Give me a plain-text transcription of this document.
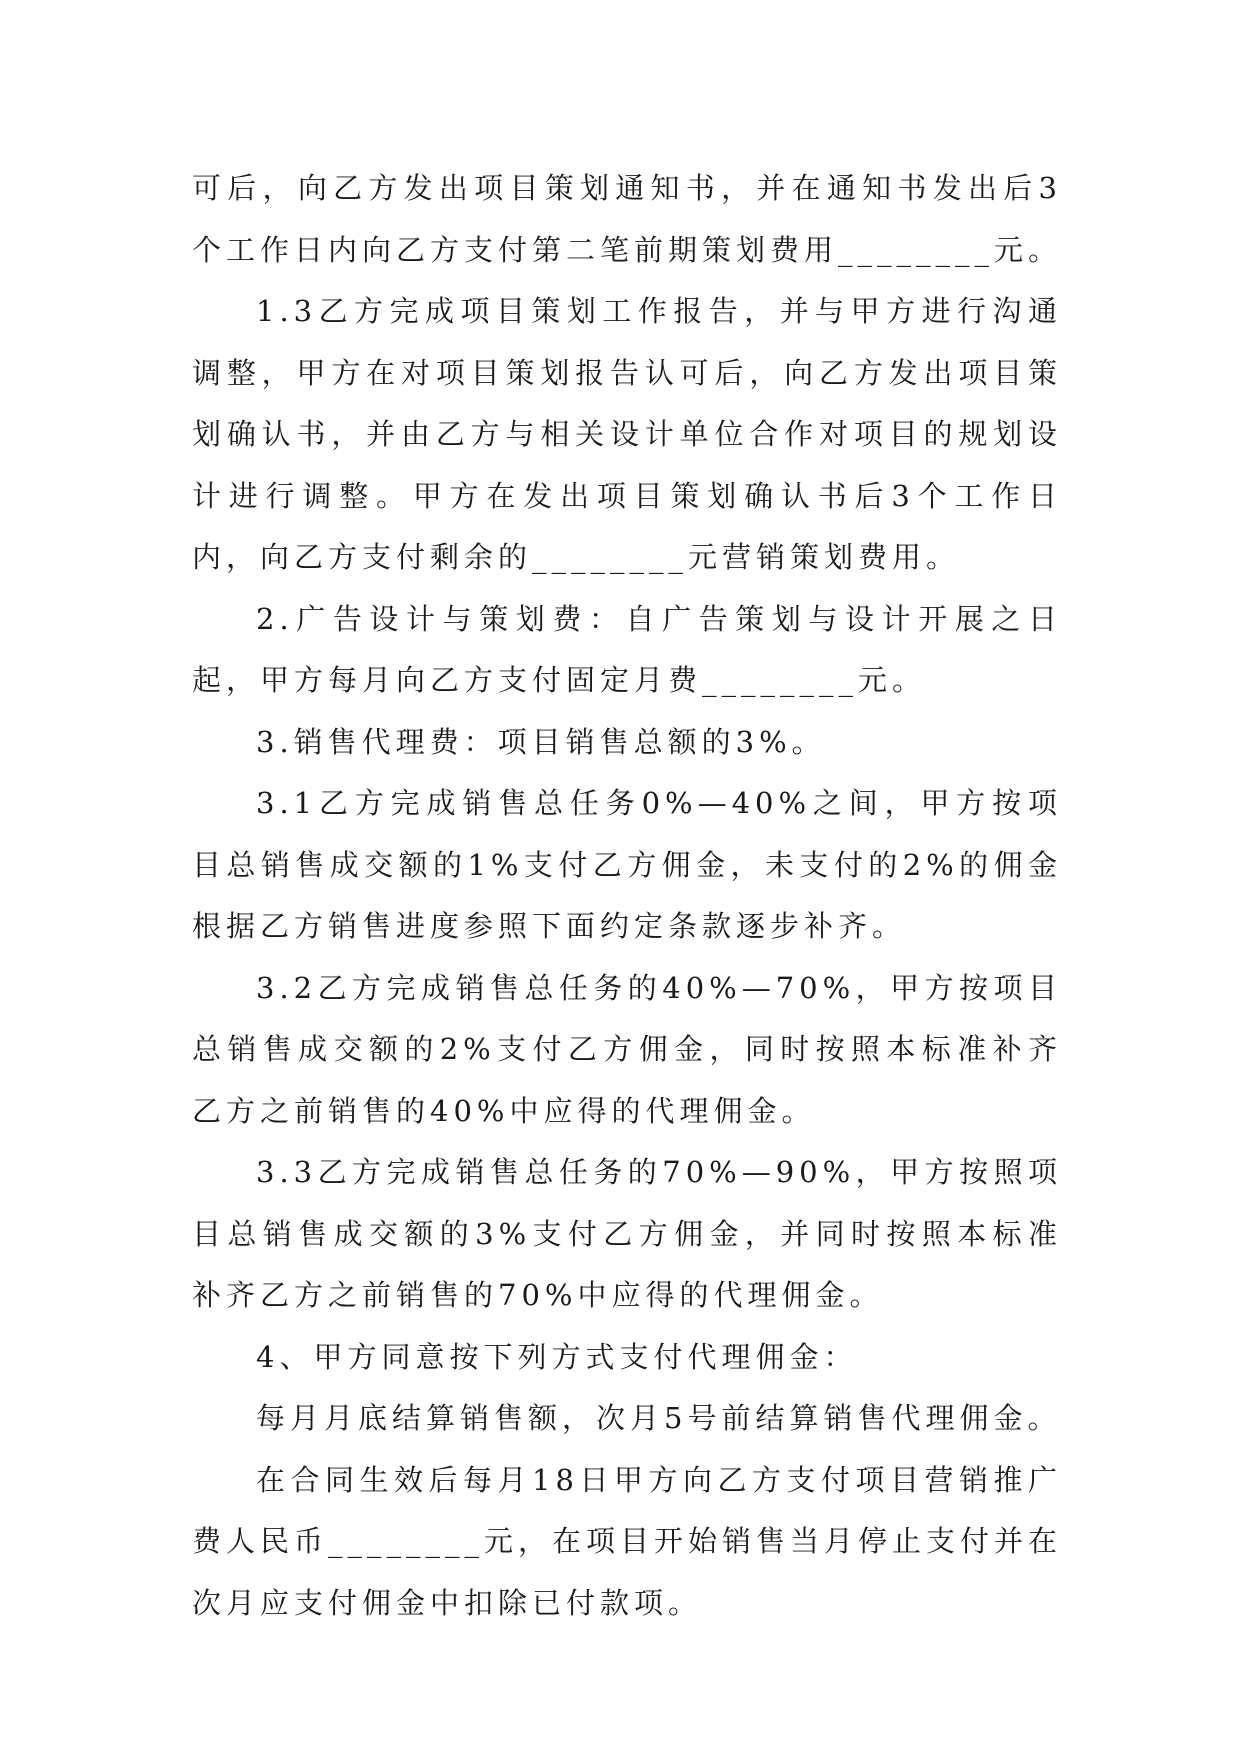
可后，向乙方发出项目策划通知书，并在通知书发出后3个工作日内向乙方支付第二笔前期策划费用________元。

1.3乙方完成项目策划工作报告，并与甲方进行沟通调整，甲方在对项目策划报告认可后，向乙方发出项目策划确认书，并由乙方与相关设计单位合作对项目的规划设计进行调整。甲方在发出项目策划确认书后3个工作日内，向乙方支付剩余的________元营销策划费用。

2.广告设计与策划费：自广告策划与设计开展之日起，甲方每月向乙方支付固定月费________元。

3.销售代理费：项目销售总额的3%。

3.1乙方完成销售总任务0%—40%之间，甲方按项目总销售成交额的1%支付乙方佣金，未支付的2%的佣金根据乙方销售进度参照下面约定条款逐步补齐。

3.2乙方完成销售总任务的40%—70%，甲方按项目总销售成交额的2%支付乙方佣金，同时按照本标准补齐乙方之前销售的40%中应得的代理佣金。

3.3乙方完成销售总任务的70%—90%，甲方按照项目总销售成交额的3%支付乙方佣金，并同时按照本标准补齐乙方之前销售的70%中应得的代理佣金。

4、甲方同意按下列方式支付代理佣金：

每月月底结算销售额，次月5号前结算销售代理佣金。

在合同生效后每月18日甲方向乙方支付项目营销推广费人民币________元，在项目开始销售当月停止支付并在次月应支付佣金中扣除已付款项。
